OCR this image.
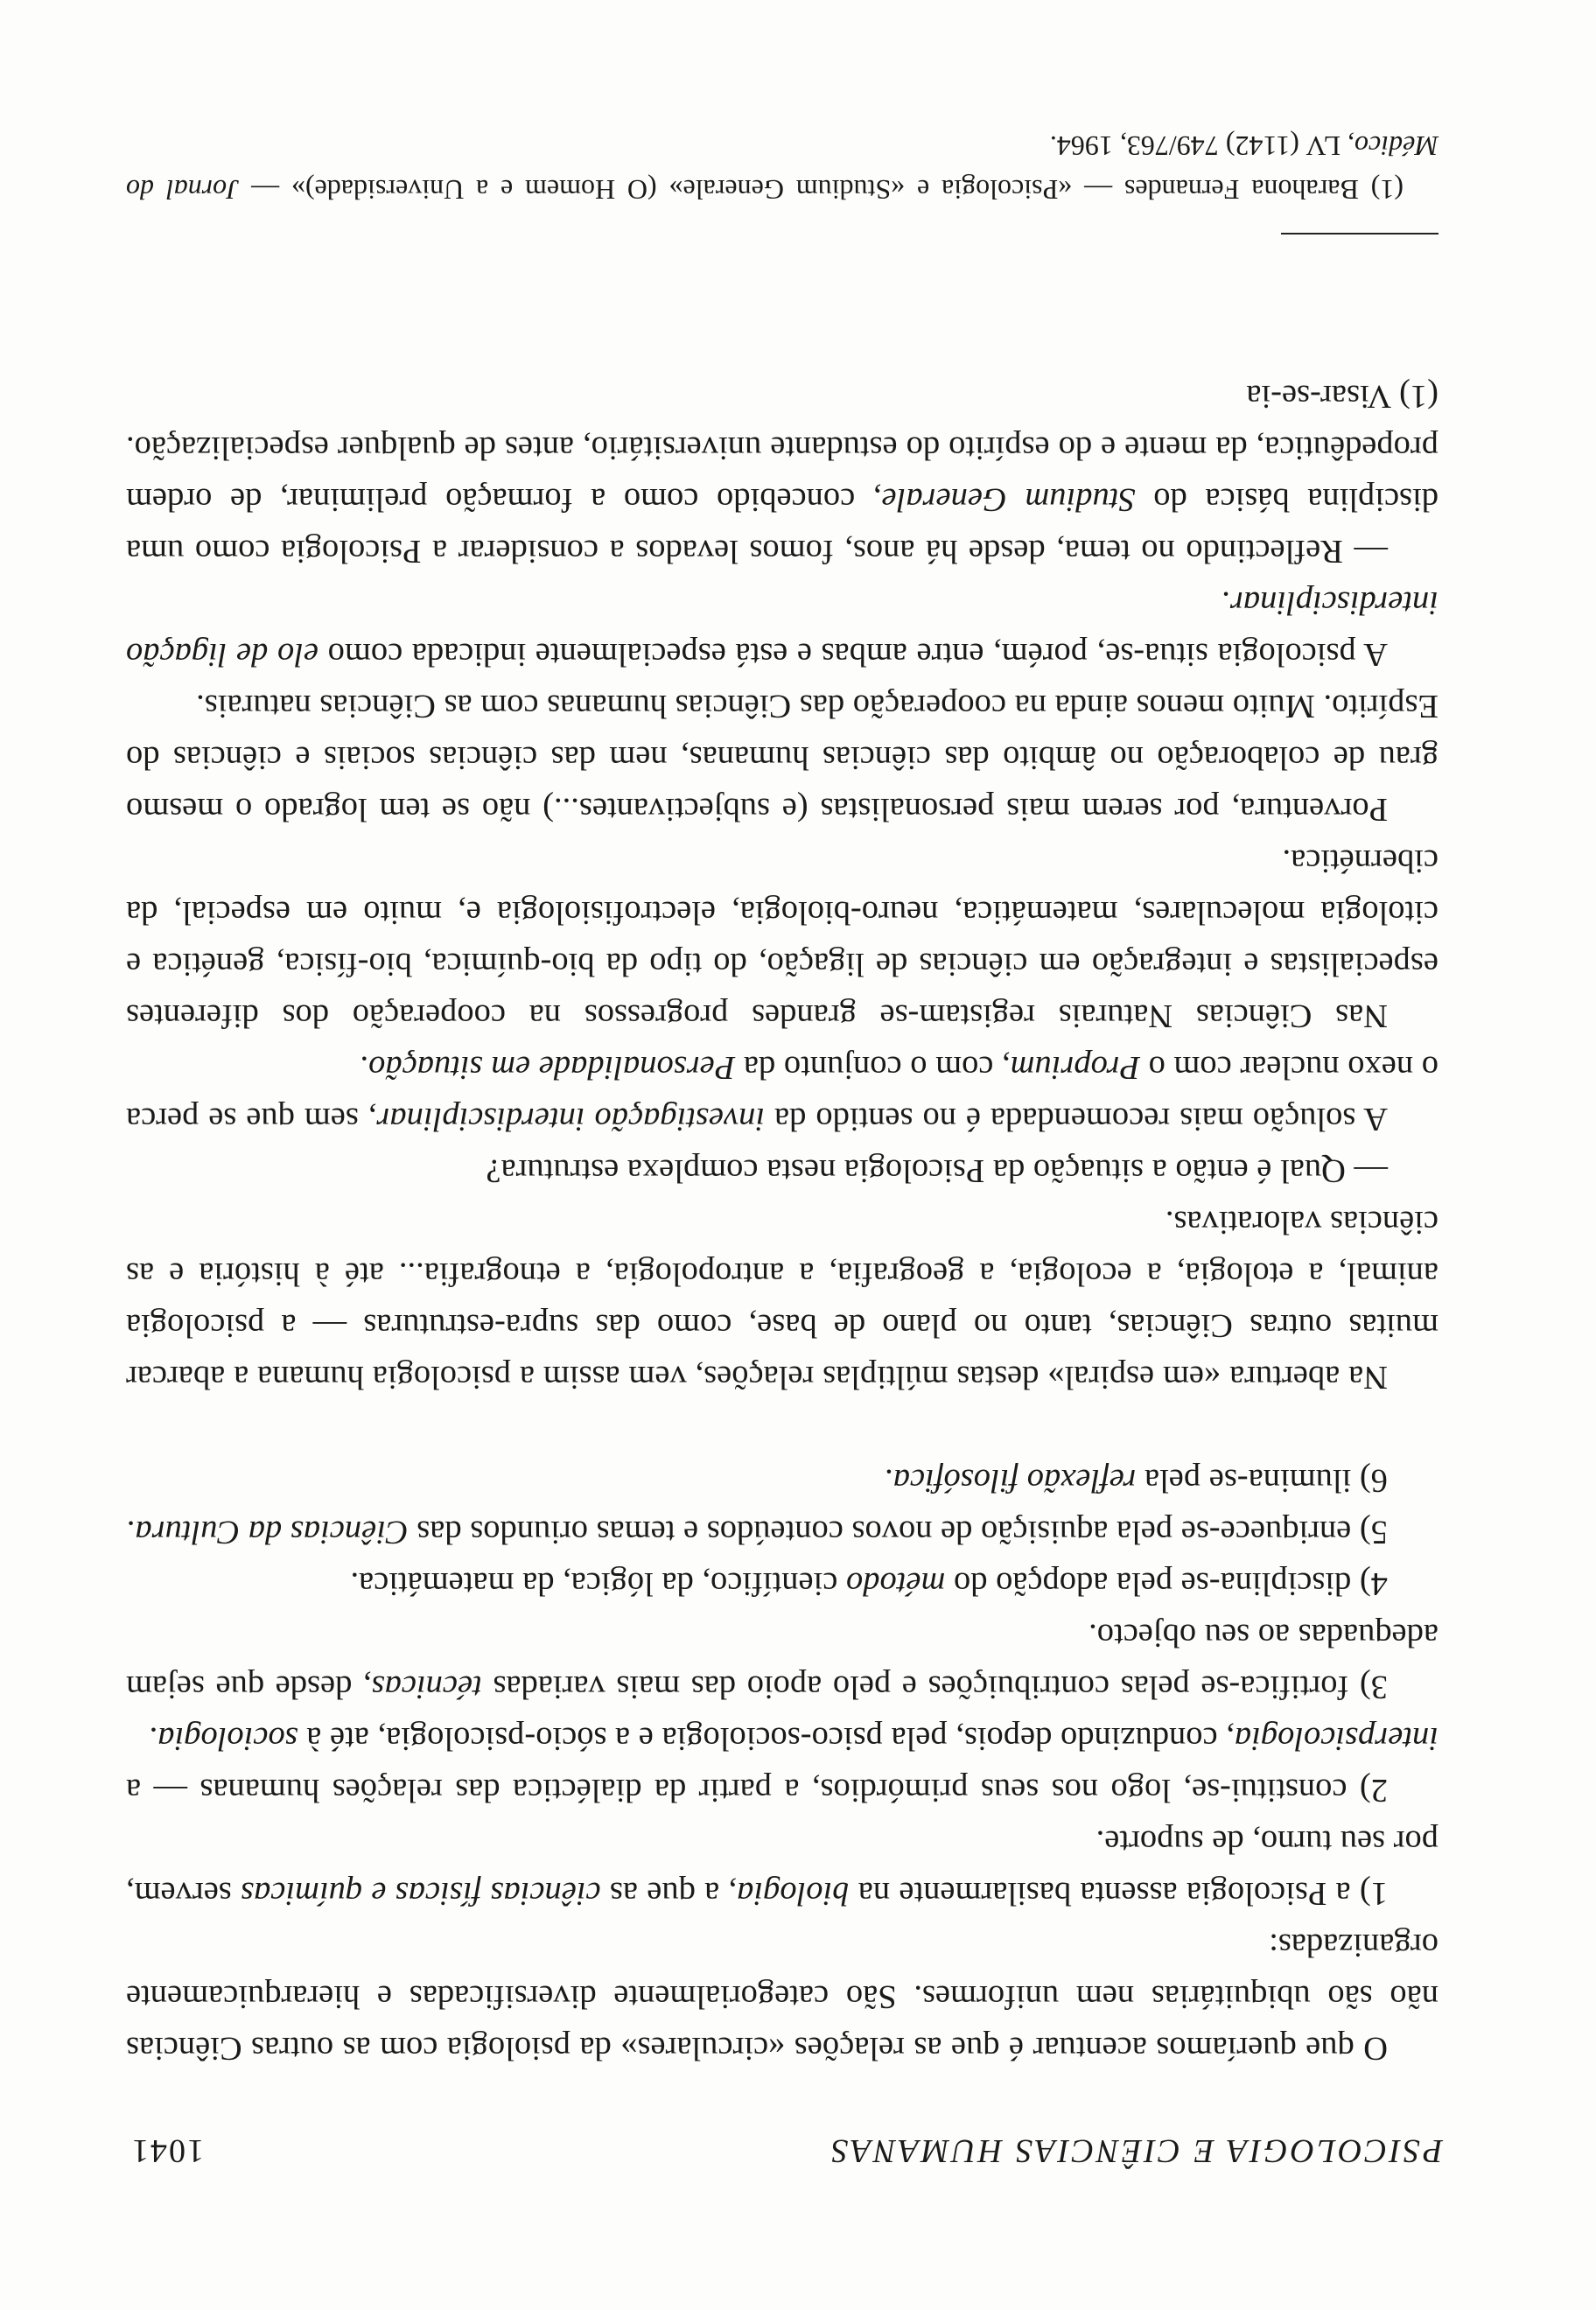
PSICOLOGIA E CIÊNCIAS HUMANAS
1041

O que queríamos acentuar é que as relações «circulares» da psiologia com as outras Ciências não são ubiquitárias nem uniformes. São categorialmente diversificadas e hierarquicamente organizadas:

1) a Psicologia assenta basilarmente na biologia, a que as ciências físicas e químicas servem, por seu turno, de suporte.

2) constitui-se, logo nos seus primórdios, a partir da dialéctica das relações humanas — a interpsicologia, conduzindo depois, pela psico-sociologia e a sócio-psicologia, até à sociologia.

3) fortifica-se pelas contribuições e pelo apoio das mais variadas técnicas, desde que sejam adequadas ao seu objecto.

4) disciplina-se pela adopção do método científico, da lógica, da matemática.

5) enriquece-se pela aquisição de novos conteúdos e temas oriundos das Ciências da Cultura.

6) ilumina-se pela reflexão filosófica.

Na abertura «em espiral» destas múltiplas relações, vem assim a psicologia humana a abarcar muitas outras Ciências, tanto no plano de base, como das supra-estruturas — a psicologia animal, a etologia, a ecologia, a geografia, a antropologia, a etnografia... até à história e as ciências valorativas.

— Qual é então a situação da Psicologia nesta complexa estrutura?

A solução mais recomendada é no sentido da investigação interdisciplinar, sem que se perca o nexo nuclear com o Proprium, com o conjunto da Personalidade em situação.

Nas Ciências Naturais registam-se grandes progressos na cooperação dos diferentes especialistas e integração em ciências de ligação, do tipo da bio-química, bio-física, genética e citologia moleculares, matemática, neuro-biologia, electrofisiologia e, muito em especial, da cibernética.

Porventura, por serem mais personalistas (e subjectivantes...) não se tem logrado o mesmo grau de colaboração no âmbito das ciências humanas, nem das ciências sociais e ciências do Espírito. Muito menos ainda na cooperação das Ciências humanas com as Ciências naturais.

A psicologia situa-se, porém, entre ambas e está especialmente indicada como elo de ligação interdisciplinar.

— Reflectindo no tema, desde há anos, fomos levados a considerar a Psicologia como uma disciplina básica do Studium Generale, concebido como a formação preliminar, de ordem propedêutica, da mente e do espírito do estudante universitário, antes de qualquer especialização. (1) Visar-se-ia

(1) Barahona Fernandes — «Psicologia e «Studium Generale» (O Homem e a Universidade)» — Jornal do Médico, LV (1142) 749/763, 1964.
